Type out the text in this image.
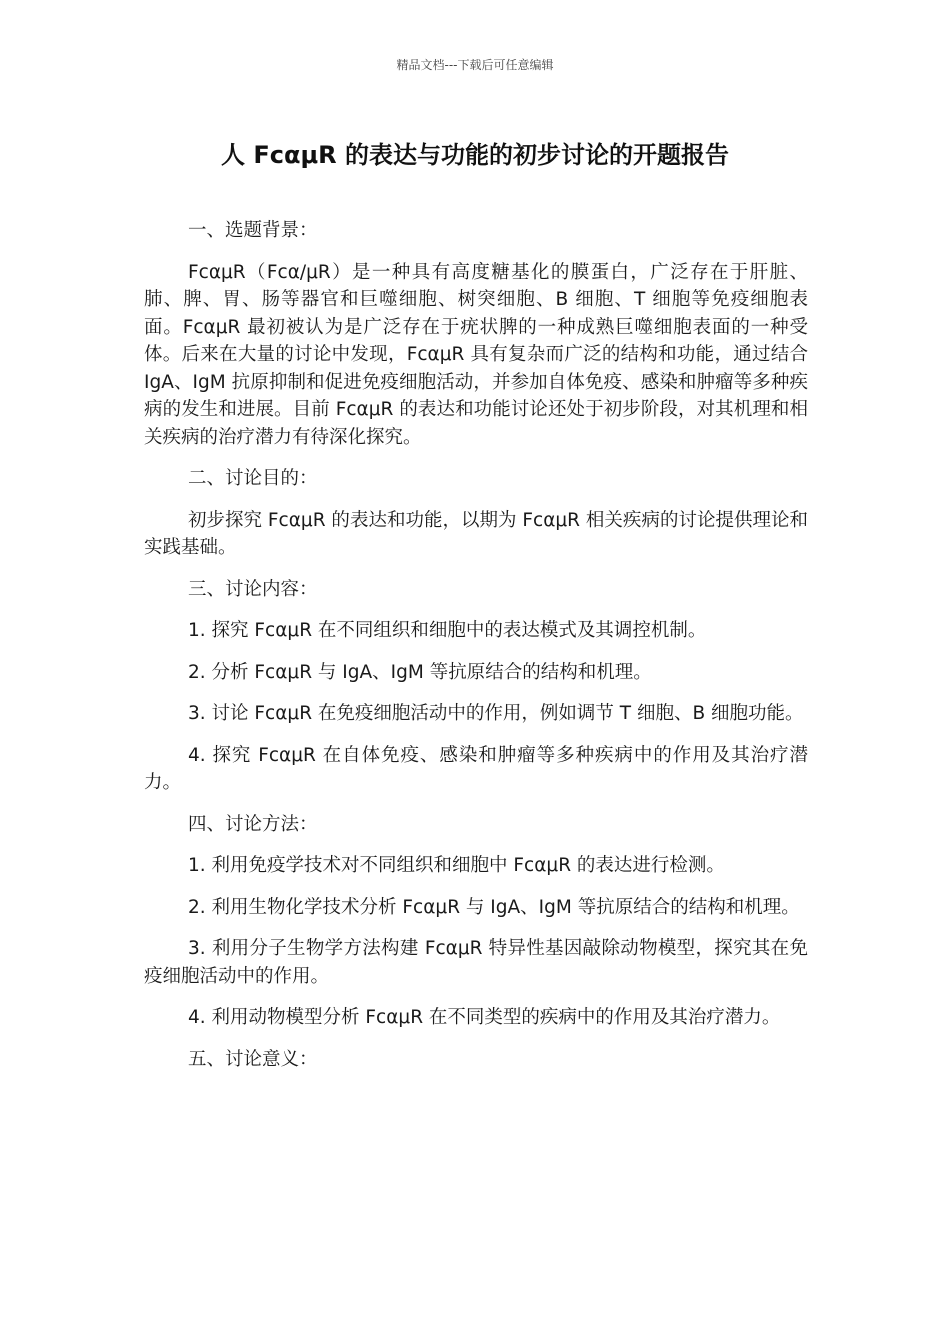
精品文档---下载后可任意编辑
人 FcαμR 的表达与功能的初步讨论的开题报告

一、选题背景：

FcαμR（Fcα/μR）是一种具有高度糖基化的膜蛋白，广泛存在于肝脏、肺、脾、胃、肠等器官和巨噬细胞、树突细胞、B 细胞、T 细胞等免疫细胞表面。FcαμR 最初被认为是广泛存在于疣状脾的一种成熟巨噬细胞表面的一种受体。后来在大量的讨论中发现，FcαμR 具有复杂而广泛的结构和功能，通过结合 IgA、IgM 抗原抑制和促进免疫细胞活动，并参加自体免疫、感染和肿瘤等多种疾病的发生和进展。目前 FcαμR 的表达和功能讨论还处于初步阶段，对其机理和相关疾病的治疗潜力有待深化探究。

二、讨论目的：

初步探究 FcαμR 的表达和功能，以期为 FcαμR 相关疾病的讨论提供理论和实践基础。

三、讨论内容：

1. 探究 FcαμR 在不同组织和细胞中的表达模式及其调控机制。

2. 分析 FcαμR 与 IgA、IgM 等抗原结合的结构和机理。

3. 讨论 FcαμR 在免疫细胞活动中的作用，例如调节 T 细胞、B 细胞功能。

4. 探究 FcαμR 在自体免疫、感染和肿瘤等多种疾病中的作用及其治疗潜力。

四、讨论方法：

1. 利用免疫学技术对不同组织和细胞中 FcαμR 的表达进行检测。

2. 利用生物化学技术分析 FcαμR 与 IgA、IgM 等抗原结合的结构和机理。

3. 利用分子生物学方法构建 FcαμR 特异性基因敲除动物模型，探究其在免疫细胞活动中的作用。

4. 利用动物模型分析 FcαμR 在不同类型的疾病中的作用及其治疗潜力。

五、讨论意义：
